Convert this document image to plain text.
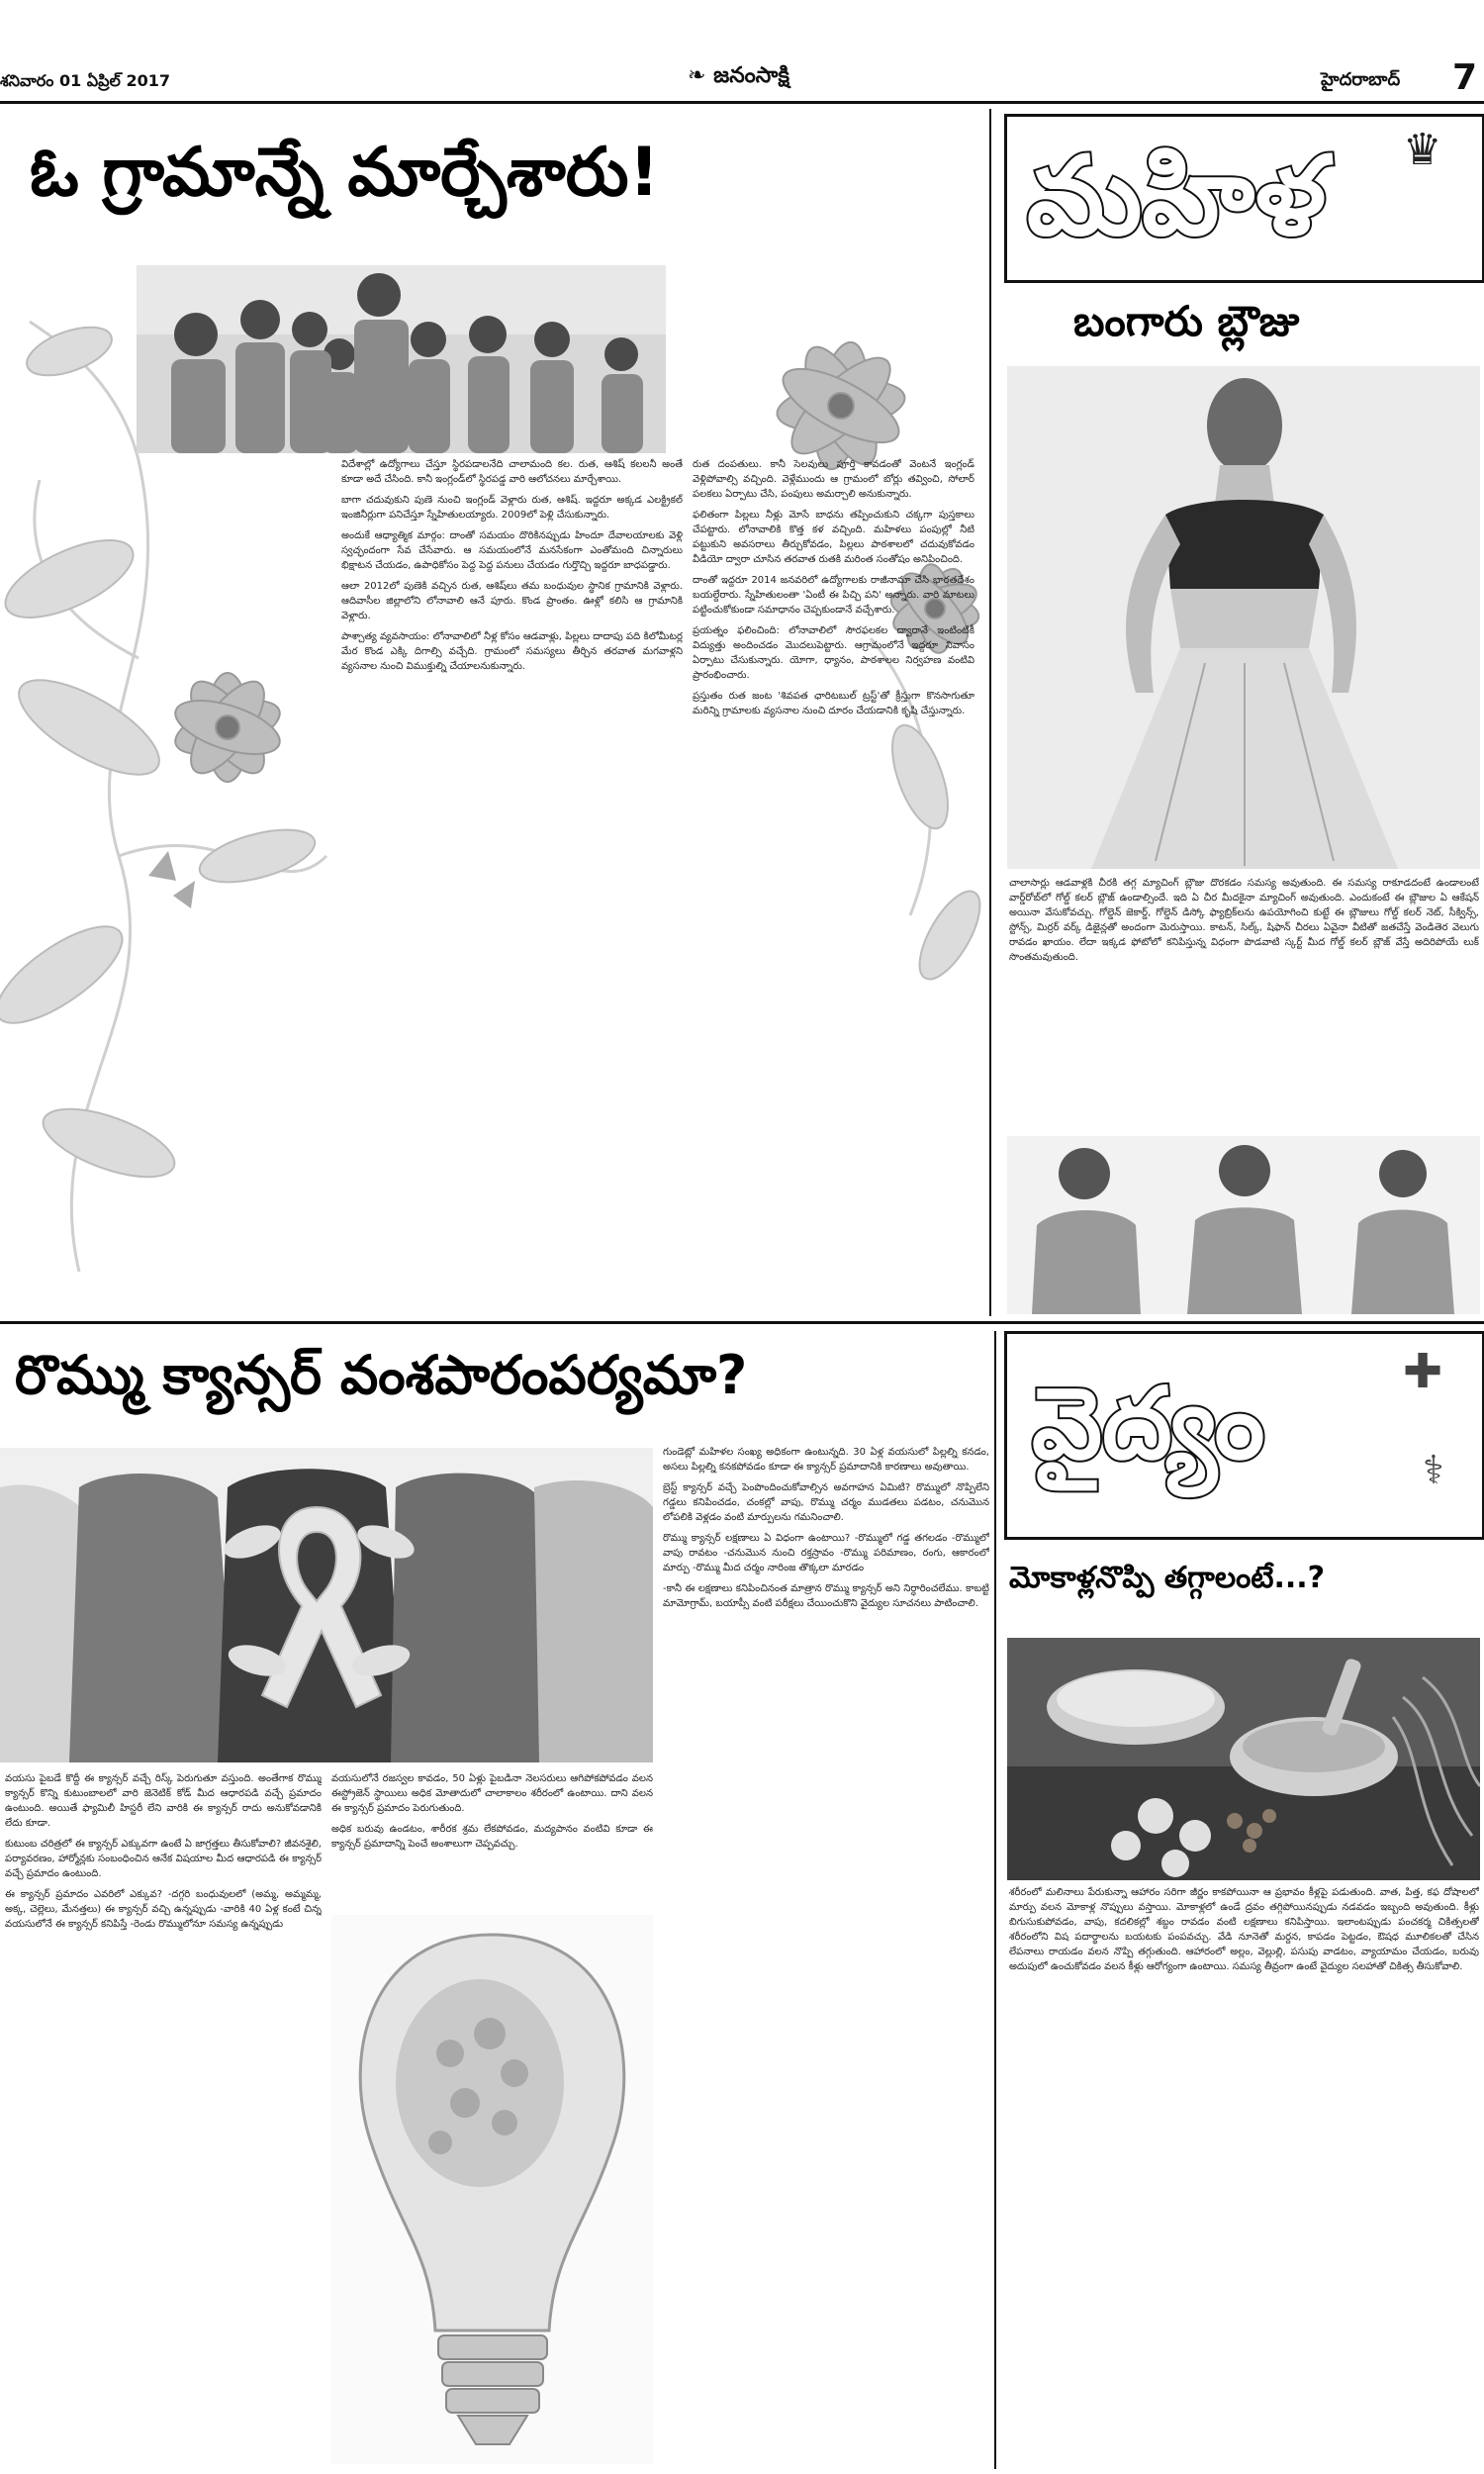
శనివారం 01 ఏప్రిల్ 2017	❧ జనంసాక్షి	హైదరాబాద్ 7
ఓ గ్రామాన్నే మార్చేశారు!

విదేశాల్లో ఉద్యోగాలు చేస్తూ స్థిరపడాలనేది చాలామంది కల. రుత, ఆశిష్ కలలనీ అంతే కూడా అదే చేసింది. కానీ ఇంగ్లండ్‌లో స్థిరపడ్డ వారి ఆలోచనలు మార్చేశాయి.

బాగా చదువుకుని పుణె నుంచి ఇంగ్లండ్ వెళ్లారు రుత, ఆశిష్. ఇద్దరూ అక్కడ ఎలక్ట్రికల్ ఇంజినీర్లుగా పనిచేస్తూ స్నేహితులయ్యారు. 2009లో పెళ్లి చేసుకున్నారు.

అందుకే ఆధ్యాత్మిక మార్గం: దాంతో సమయం దొరికినప్పుడు హిందూ దేవాలయాలకు వెళ్లి స్వచ్ఛందంగా సేవ చేసేవారు. ఆ సమయంలోనే మనసేకంగా ఎంతోమంది చిన్నారులు భిక్షాటన చేయడం, ఉపాధికోసం పెద్ద పెద్ద పనులు చేయడం గుర్తొచ్చి ఇద్దరూ బాధపడ్డారు.

ఆలా 2012లో పుణెకి వచ్చిన రుత, ఆశిష్‌లు తమ బంధువుల స్థానిక గ్రామానికి వెళ్లారు. ఆదివాసీల జిల్లాలోని లోనావాలి ఆనే పూరు. కొండ ప్రాంతం. ఊళ్లో కలిసి ఆ గ్రామానికి వెళ్లారు.

పాశ్చాత్య వ్యవసాయం: లోనావాలిలో నీళ్ల కోసం ఆడవాళ్లు, పిల్లలు దాదాపు పది కిలోమీటర్ల మేర కొండ ఎక్కి దిగాల్సి వచ్చేది. గ్రామంలో సమస్యలు తీర్చిన తరవాత మగవాళ్లని వ్యసనాల నుంచి విముక్తుల్ని చేయాలనుకున్నారు.

రుత దంపతులు. కానీ సెలవులు పూర్తి కావడంతో వెంటనే ఇంగ్లండ్ వెళ్లిపోవాల్సి వచ్చింది. వెళ్లేముందు ఆ గ్రామంలో బోర్లు తవ్వించి, సోలార్ పలకలు ఏర్పాటు చేసి, పంపులు అమర్చాలి అనుకున్నారు.

ఫలితంగా పిల్లలు నీళ్లు మోసే బాధను తప్పించుకుని చక్కగా పుస్తకాలు చేపట్టారు. లోనావాలికి కొత్త కళ వచ్చింది. మహిళలు పంపుల్లో నీటి పట్టుకుని అవసరాలు తీర్చుకోవడం, పిల్లలు పాఠశాలలో చదువుకోవడం వీడియో ద్వారా చూసిన తరవాత రుతకి మరింత సంతోషం అనిపించింది.

దాంతో ఇద్దరూ 2014 జనవరిలో ఉద్యోగాలకు రాజీనామా చేసి భారతదేశం బయల్దేరారు. స్నేహితులంతా 'ఏంటీ ఈ పిచ్చి పని' అన్నారు. వారి మాటలు పట్టించుకోకుండా సమాధానం చెప్పకుండానే వచ్చేశారు.

ప్రయత్నం ఫలించింది: లోనావాలిలో సౌరఫలకల ద్వారానే ఇంటింటికీ విద్యుత్తు అందించడం మొదలుపెట్టారు. ఆగ్రామంలోనే ఇద్దరూ నివాసం ఏర్పాటు చేసుకున్నారు. యోగా, ధ్యానం, పాఠశాలల నిర్వహణ వంటివి ప్రారంభించారు.

ప్రస్తుతం రుత జంట 'శివపత ఛారిటబుల్ ట్రస్ట్'తో క్రీస్తుగా కొనసాగుతూ మరిన్ని గ్రామాలకు వ్యసనాల నుంచి దూరం చేయడానికి కృషి చేస్తున్నారు.

మహిళ ♛
బంగారు బ్లౌజు
చాలాసార్లు ఆడవాళ్లకి చీరకి తగ్గ మ్యాచింగ్ బ్లౌజు దొరకడం సమస్య అవుతుంది. ఈ సమస్య రాకూడదంటే ఉండాలంటే వార్డ్‌రోబ్‌లో గోల్డ్ కలర్ బ్లౌజ్ ఉండాల్సిందే. ఇది ఏ చీర మీదకైనా మ్యాచింగ్ అవుతుంది. ఎందుకంటే ఈ బ్లౌజుల ఏ ఆకేషన్ అయినా వేసుకోవచ్చు. గోల్డెన్ జెకార్డ్, గోల్డెన్ డిస్కో ఫ్యాబ్రిక్‌లను ఉపయోగించి కుట్టే ఈ బ్లౌజులు గోల్డ్ కలర్ నెట్, సీక్విన్స్, స్టోన్స్, మిర్రర్ వర్క్ డిజైన్లతో అందంగా మెరుస్తాయి. కాటన్, సిల్క్, షిఫాన్ చీరలు ఏవైనా వీటితో జతచేస్తే వెండితెర వెలుగు రావడం ఖాయం. లేదా ఇక్కడ ఫోటోలో కనిపిస్తున్న విధంగా పొడవాటి స్కర్ట్ మీద గోల్డ్ కలర్ బ్లౌజ్ వేస్తే అదిరిపోయే లుక్ సొంతమవుతుంది.
రొమ్ము క్యాన్సర్ వంశపారంపర్యమా?

వయసు పైబడే కొద్దీ ఈ క్యాన్సర్ వచ్చే రిస్క్ పెరుగుతూ వస్తుంది. అంతేగాక రొమ్ము క్యాన్సర్ కొన్ని కుటుంబాలలో వారి జెనెటిక్ కోడ్ మీద ఆధారపడి వచ్చే ప్రమాదం ఉంటుంది. అయితే ఫ్యామిలీ హిస్టరీ లేని వారికి ఈ క్యాన్సర్ రాదు అనుకోవడానికి లేదు కూడా.

కుటుంబ చరిత్రలో ఈ క్యాన్సర్ ఎక్కువగా ఉంటే ఏ జాగ్రత్తలు తీసుకోవాలి? జీవనశైలి, పర్యావరణం, హార్మోన్లకు సంబంధించిన ఆనేక విషయాల మీద ఆధారపడి ఈ క్యాన్సర్ వచ్చే ప్రమాదం ఉంటుంది.

ఈ క్యాన్సర్ ప్రమాదం ఎవరిలో ఎక్కువ? -దగ్గరి బంధువులలో (అమ్మ, అమ్మమ్మ, అక్క, చెల్లెలు, మేనత్తలు) ఈ క్యాన్సర్ వచ్చి ఉన్నప్పుడు -వారికి 40 ఏళ్ల కంటే చిన్న వయసులోనే ఈ క్యాన్సర్ కనిపిస్తే -రెండు రొమ్ములోనూ సమస్య ఉన్నప్పుడు

వయసులోనే రజస్వల కావడం, 50 ఏళ్లు పైబడినా నెలసరులు ఆగిపోకపోవడం వలన ఈస్ట్రోజెన్ స్థాయిలు అధిక మోతాదులో చాలాకాలం శరీరంలో ఉంటాయి. దాని వలన ఈ క్యాన్సర్ ప్రమాదం పెరుగుతుంది.

అధిక బరువు ఉండటం, శారీరక శ్రమ లేకపోవడం, మద్యపానం వంటివి కూడా ఈ క్యాన్సర్ ప్రమాదాన్ని పెంచే అంశాలుగా చెప్పవచ్చు.

గుండెట్లో మహిళల సంఖ్య అధికంగా ఉంటున్నది. 30 ఏళ్ల వయసులో పిల్లల్ని కనడం, అసలు పిల్లల్ని కనకపోవడం కూడా ఈ క్యాన్సర్ ప్రమాదానికి కారణాలు అవుతాయి.

బ్రెస్ట్ క్యాన్సర్ వచ్చే పెంపొందించుకోవాల్సిన అవగాహన ఏమిటి? రొమ్ములో నొప్పిలేని గడ్డలు కనిపించడం, చంకల్లో వాపు, రొమ్ము చర్మం ముడతలు పడటం, చనుమొన లోపలికి వెళ్లడం వంటి మార్పులను గమనించాలి.

రొమ్ము క్యాన్సర్ లక్షణాలు ఏ విధంగా ఉంటాయి? -రొమ్ములో గడ్డ తగలడం -రొమ్ములో వాపు రావటం -చనుమొన నుంచి రక్తస్రావం -రొమ్ము పరిమాణం, రంగు, ఆకారంలో మార్పు -రొమ్ము మీద చర్మం నారింజ తొక్కలా మారడం

-కానీ ఈ లక్షణాలు కనిపించినంత మాత్రాన రొమ్ము క్యాన్సర్ అని నిర్ధారించలేము. కాబట్టి మామోగ్రామ్, బయాప్సీ వంటి పరీక్షలు చేయించుకొని వైద్యుల సూచనలు పాటించాలి.

వైద్యం	✚
⚕
మోకాళ్లనొప్పి తగ్గాలంటే...?
శరీరంలో మలినాలు పేరుకున్నా ఆహారం సరిగా జీర్ణం కాకపోయినా ఆ ప్రభావం కీళ్లపై పడుతుంది. వాత, పిత్త, కఫ దోషాలలో మార్పు వలన మోకాళ్ల నొప్పులు వస్తాయి. మోకాళ్లలో ఉండే ద్రవం తగ్గిపోయినప్పుడు నడవడం ఇబ్బంది అవుతుంది. కీళ్లు బిగుసుకుపోవడం, వాపు, కదలికల్లో శబ్దం రావడం వంటి లక్షణాలు కనిపిస్తాయి. ఇలాంటప్పుడు పంచకర్మ చికిత్సలతో శరీరంలోని విష పదార్థాలను బయటకు పంపవచ్చు. వేడి నూనెతో మర్దన, కాపడం పెట్టడం, ఔషధ మూలికలతో చేసిన లేపనాలు రాయడం వలన నొప్పి తగ్గుతుంది. ఆహారంలో అల్లం, వెల్లుల్లి, పసుపు వాడటం, వ్యాయామం చేయడం, బరువు అదుపులో ఉంచుకోవడం వలన కీళ్లు ఆరోగ్యంగా ఉంటాయి. సమస్య తీవ్రంగా ఉంటే వైద్యుల సలహాతో చికిత్స తీసుకోవాలి.
